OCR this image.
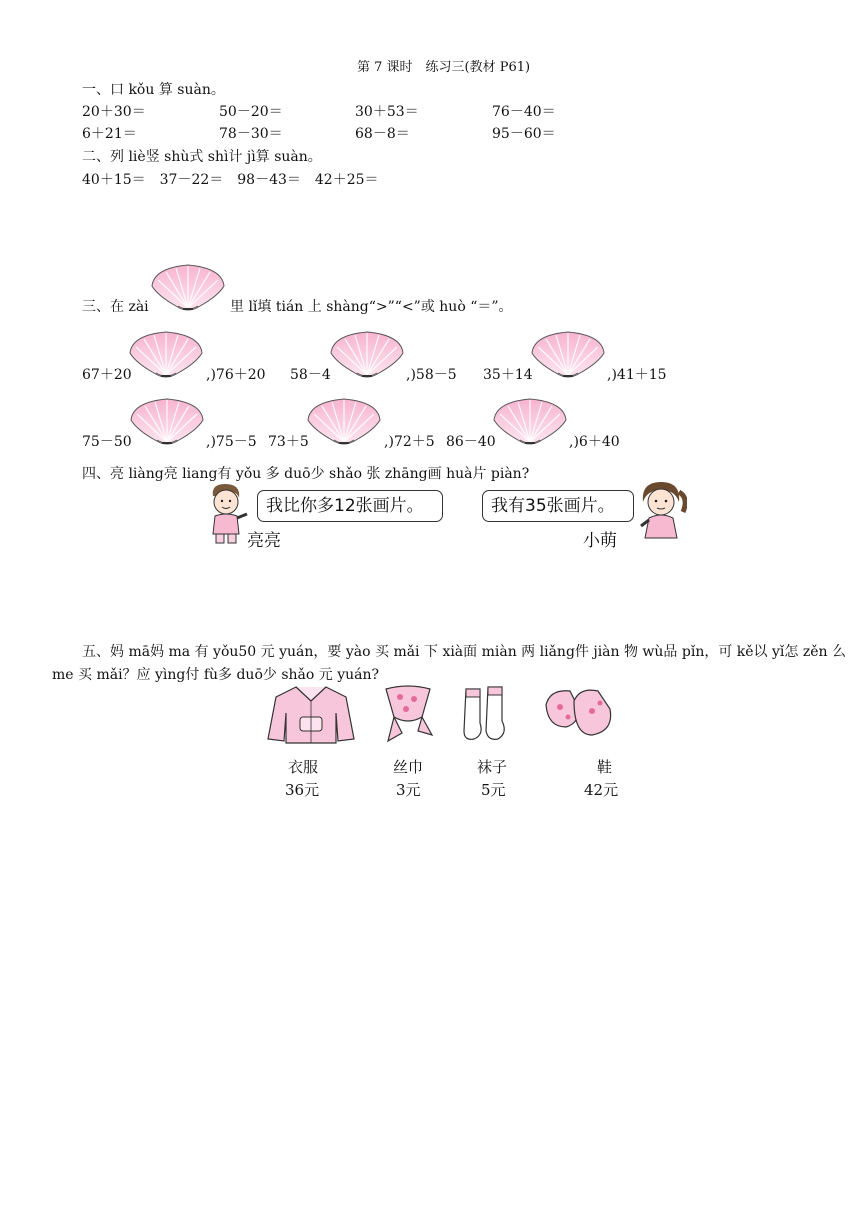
第 7 课时　练习三(教材 P61)
一、口 kǒu 算 suàn。
20＋30＝	50－20＝	30＋53＝	76－40＝
6＋21＝	78－30＝	68－8＝	95－60＝
二、列 liè竖 shù式 shì计 jì算 suàn。
40＋15＝　37－22＝　98－43＝　42＋25＝
三、在 zài	里 lǐ填 tián 上 shàng“>”“<”或 huò “＝”。
67＋20	,)76＋20 58－4	,)58－5 35＋14	,)41＋15
75－50	,)75－5 73＋5	,)72＋5 86－40	,)6＋40
四、亮 liàng亮 liang有 yǒu 多 duō少 shǎo 张 zhāng画 huà片 piàn?
我比你多12张画片。
亮亮
我有35张画片。
小萌
五、妈 mā妈 ma 有 yǒu50 元 yuán，要 yào 买 mǎi 下 xià面 miàn 两 liǎng件 jiàn 物 wù品 pǐn，可 kě以 yǐ怎 zěn 么
me 买 mǎi？应 yìng付 fù多 duō少 shǎo 元 yuán?
衣服
36元
丝巾
3元
袜子
5元
鞋
42元
